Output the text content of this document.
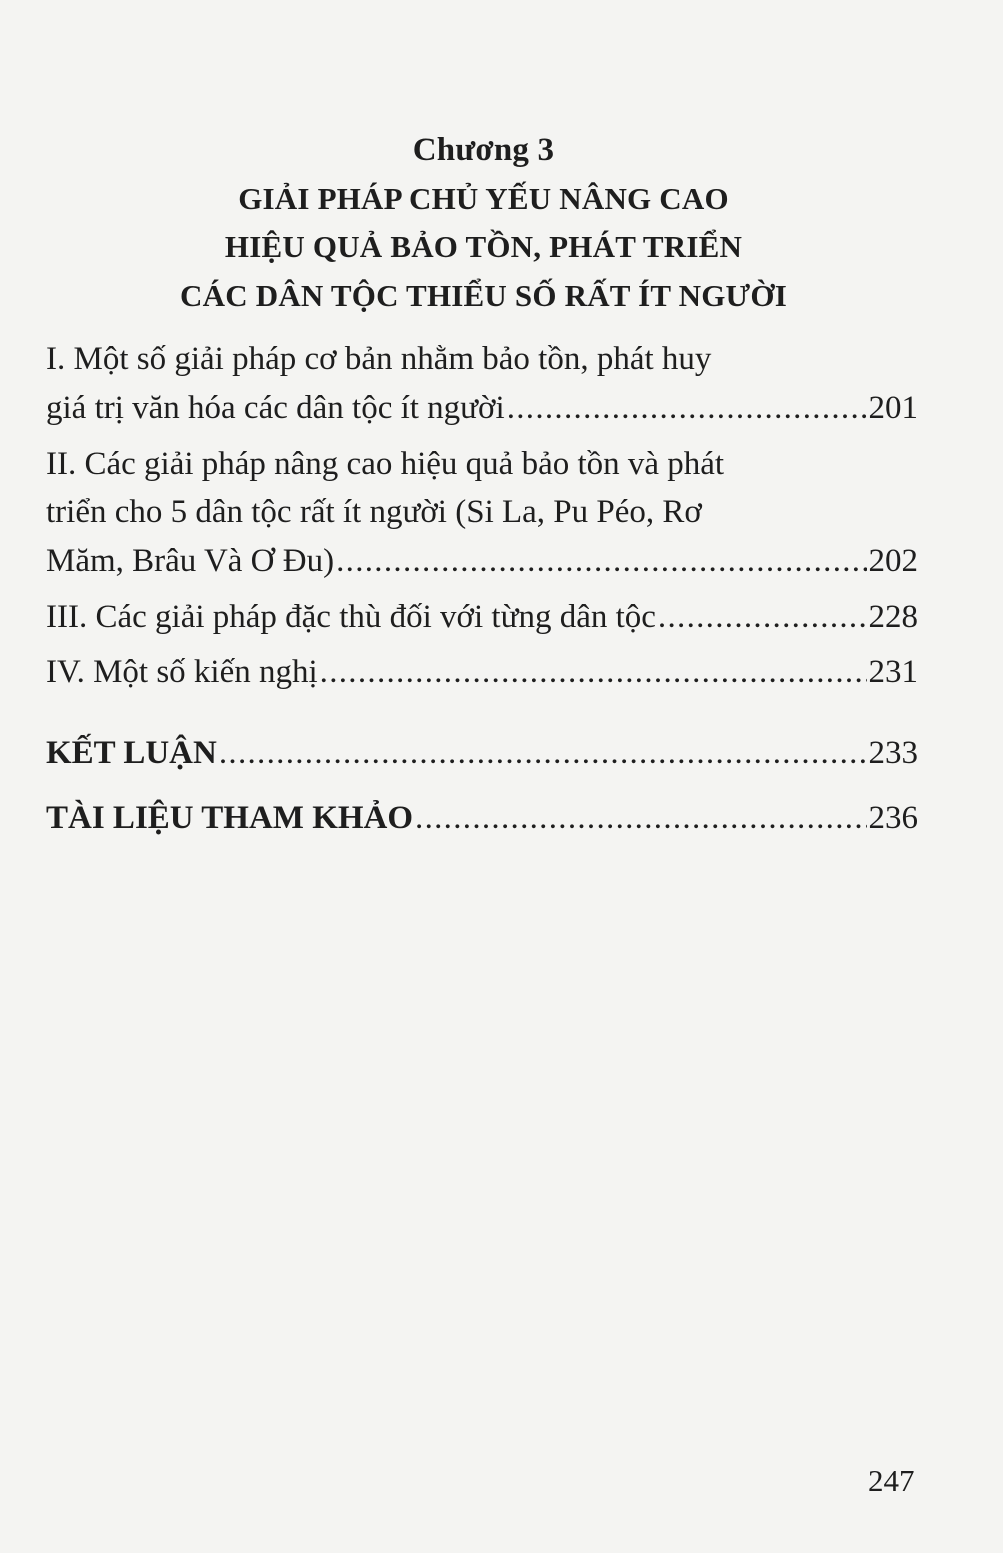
Chương 3
GIẢI PHÁP CHỦ YẾU NÂNG CAO
HIỆU QUẢ BẢO TỒN, PHÁT TRIỂN
CÁC DÂN TỘC THIỂU SỐ RẤT ÍT NGƯỜI
I. Một số giải pháp cơ bản nhằm bảo tồn, phát huy
giá trị văn hóa các dân tộc ít người .....	201
II. Các giải pháp nâng cao hiệu quả bảo tồn và phát
triển cho 5 dân tộc rất ít người (Si La, Pu Péo, Rơ
Măm, Brâu Và Ơ Đu) .....	202
III. Các giải pháp đặc thù đối với từng dân tộc .....	228
IV. Một số kiến nghị .....	231
KẾT LUẬN .....	233
TÀI LIỆU THAM KHẢO .....	236
247
